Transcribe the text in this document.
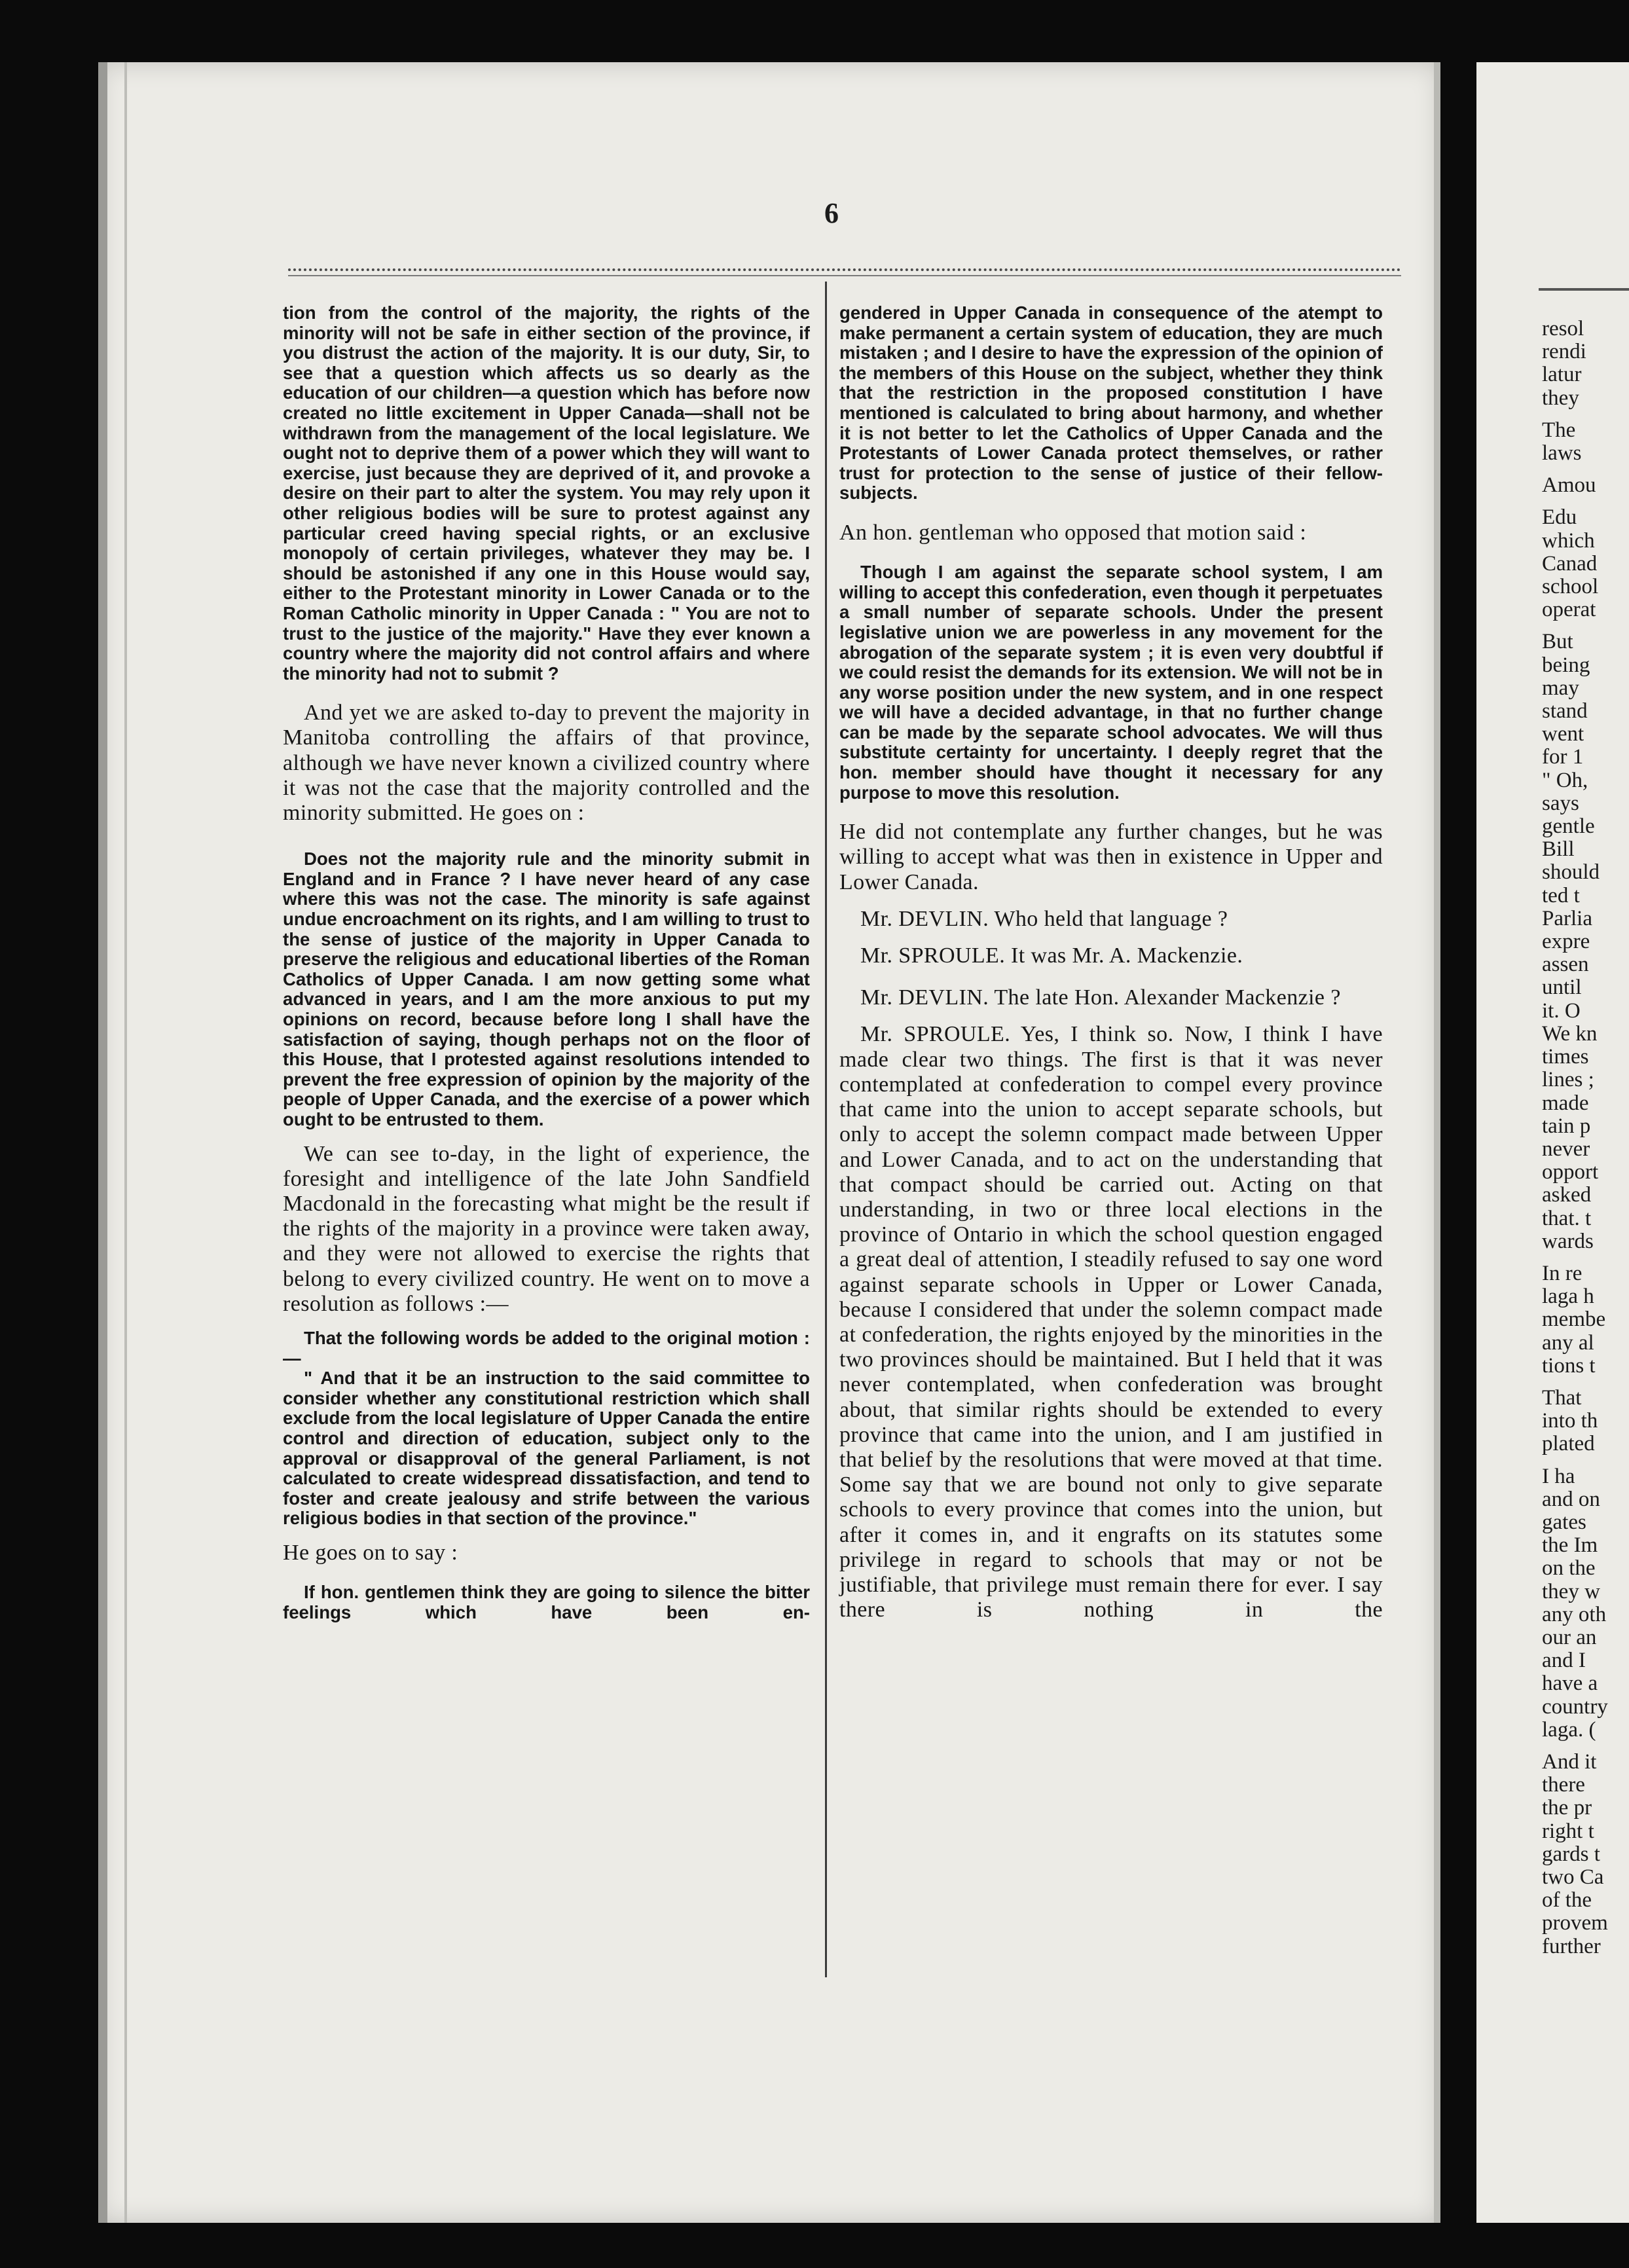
resol
rendi
latur
they
The
laws
Amou
Edu
which
Canad
school
operat
But
being
may
stand
went
for 1
" Oh,
says
gentle
Bill
should
ted t
Parlia
expre
assen
until
it. O
We kn
times
lines ;
made
tain p
never
opport
asked
that. t
wards
In re
laga h
membe
any al
tions t
That
into th
plated
I ha
and on
gates
the Im
on the
they w
any oth
our an
and I
have a
country
laga. (
And it
there
the pr
right t
gards t
two Ca
of the
provem
further
6
tion from the control of the majority, the rights of the minority will not be safe in either section of the province, if you distrust the action of the majority. It is our duty, Sir, to see that a question which affects us so dearly as the education of our children—a question which has before now created no little excitement in Upper Canada—shall not be withdrawn from the management of the local legislature. We ought not to deprive them of a power which they will want to exercise, just because they are deprived of it, and provoke a desire on their part to alter the system. You may rely upon it other religious bodies will be sure to protest against any particular creed having special rights, or an exclusive monopoly of certain privileges, whatever they may be. I should be astonished if any one in this House would say, either to the Protestant minority in Lower Canada or to the Roman Catholic minority in Upper Canada : " You are not to trust to the justice of the majority." Have they ever known a country where the majority did not control affairs and where the minority had not to submit ?
And yet we are asked to-day to prevent the majority in Manitoba controlling the affairs of that province, although we have never known a civilized country where it was not the case that the majority controlled and the minority submitted. He goes on :
Does not the majority rule and the minority submit in England and in France ? I have never heard of any case where this was not the case. The minority is safe against undue encroachment on its rights, and I am willing to trust to the sense of justice of the majority in Upper Canada to preserve the religious and educational liberties of the Roman Catholics of Upper Canada. I am now getting some what advanced in years, and I am the more anxious to put my opinions on record, because before long I shall have the satisfaction of saying, though perhaps not on the floor of this House, that I protested against resolutions intended to prevent the free expression of opinion by the majority of the people of Upper Canada, and the exercise of a power which ought to be entrusted to them.
We can see to-day, in the light of experience, the foresight and intelligence of the late John Sandfield Macdonald in the forecasting what might be the result if the rights of the majority in a province were taken away, and they were not allowed to exercise the rights that belong to every civilized country. He went on to move a resolution as follows :—
That the following words be added to the original motion :—
" And that it be an instruction to the said committee to consider whether any constitutional restriction which shall exclude from the local legislature of Upper Canada the entire control and direction of education, subject only to the approval or disapproval of the general Parliament, is not calculated to create widespread dissatisfaction, and tend to foster and create jealousy and strife between the various religious bodies in that section of the province."
He goes on to say :
If hon. gentlemen think they are going to silence the bitter feelings which have been en-
gendered in Upper Canada in consequence of the atempt to make permanent a certain system of education, they are much mistaken ; and I desire to have the expression of the opinion of the members of this House on the subject, whether they think that the restriction in the proposed constitution I have mentioned is calculated to bring about harmony, and whether it is not better to let the Catholics of Upper Canada and the Protestants of Lower Canada protect themselves, or rather trust for protection to the sense of justice of their fellow-subjects.
An hon. gentleman who opposed that motion said :
Though I am against the separate school system, I am willing to accept this confederation, even though it perpetuates a small number of separate schools. Under the present legislative union we are powerless in any movement for the abrogation of the separate system ; it is even very doubtful if we could resist the demands for its extension. We will not be in any worse position under the new system, and in one respect we will have a decided advantage, in that no further change can be made by the separate school advocates. We will thus substitute certainty for uncertainty. I deeply regret that the hon. member should have thought it necessary for any purpose to move this resolution.
He did not contemplate any further changes, but he was willing to accept what was then in existence in Upper and Lower Canada.
Mr. DEVLIN. Who held that language ?
Mr. SPROULE. It was Mr. A. Mackenzie.
Mr. DEVLIN. The late Hon. Alexander Mackenzie ?
Mr. SPROULE. Yes, I think so. Now, I think I have made clear two things. The first is that it was never contemplated at confederation to compel every province that came into the union to accept separate schools, but only to accept the solemn compact made between Upper and Lower Canada, and to act on the understanding that that compact should be carried out. Acting on that understanding, in two or three local elections in the province of Ontario in which the school question engaged a great deal of attention, I steadily refused to say one word against separate schools in Upper or Lower Canada, because I considered that under the solemn compact made at confederation, the rights enjoyed by the minorities in the two provinces should be maintained. But I held that it was never contemplated, when confederation was brought about, that similar rights should be extended to every province that came into the union, and I am justified in that belief by the resolutions that were moved at that time. Some say that we are bound not only to give separate schools to every province that comes into the union, but after it comes in, and it engrafts on its statutes some privilege in regard to schools that may or not be justifiable, that privilege must remain there for ever. I say there is nothing in the
